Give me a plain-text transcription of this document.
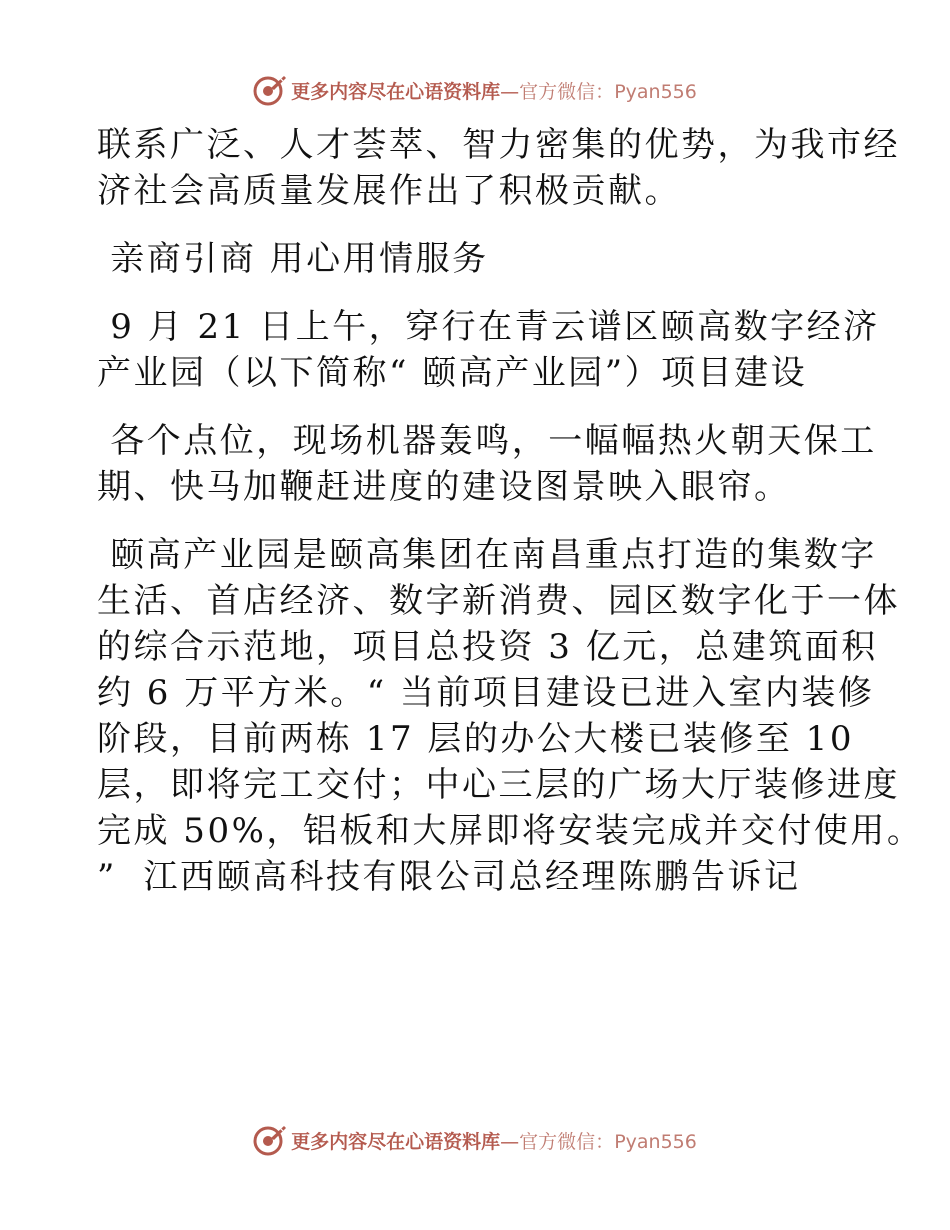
更多内容尽在心语资料库—官方微信：Pyan556
联系广泛、人才荟萃、智力密集的优势，为我市经
济社会高质量发展作出了积极贡献。
亲商引商 用心用情服务
9 月 21 日上午，穿行在青云谱区颐高数字经济
产业园（以下简称“ 颐高产业园”）项目建设
各个点位，现场机器轰鸣，一幅幅热火朝天保工
期、快马加鞭赶进度的建设图景映入眼帘。
颐高产业园是颐高集团在南昌重点打造的集数字
生活、首店经济、数字新消费、园区数字化于一体
的综合示范地，项目总投资 3 亿元，总建筑面积
约 6 万平方米。“ 当前项目建设已进入室内装修
阶段，目前两栋 17 层的办公大楼已装修至 10
层，即将完工交付；中心三层的广场大厅装修进度
完成 50%，铝板和大屏即将安装完成并交付使用。
”  江西颐高科技有限公司总经理陈鹏告诉记
更多内容尽在心语资料库—官方微信：Pyan556
